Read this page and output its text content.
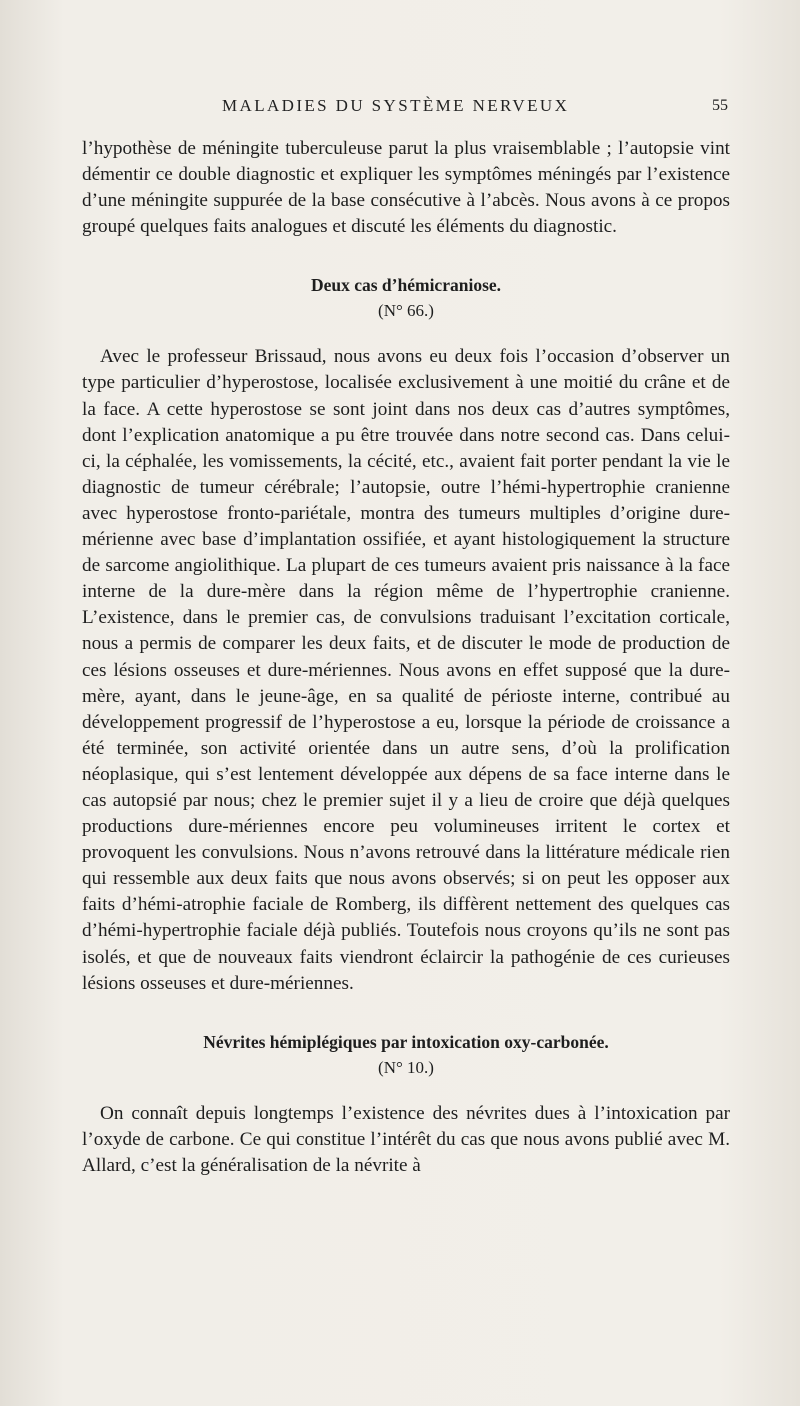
MALADIES DU SYSTÈME NERVEUX	55

l’hypothèse de méningite tuberculeuse parut la plus vraisemblable ; l’autopsie vint démentir ce double diagnostic et expliquer les symptômes méningés par l’existence d’une méningite suppurée de la base consécutive à l’abcès. Nous avons à ce propos groupé quelques faits analogues et discuté les éléments du diagnostic.

Deux cas d’hémicraniose.
(N° 66.)

Avec le professeur Brissaud, nous avons eu deux fois l’occasion d’observer un type particulier d’hyperostose, localisée exclusivement à une moitié du crâne et de la face. A cette hyperostose se sont joint dans nos deux cas d’autres symptômes, dont l’explication anatomique a pu être trouvée dans notre second cas. Dans celui-ci, la céphalée, les vomissements, la cécité, etc., avaient fait porter pendant la vie le diagnostic de tumeur cérébrale; l’autopsie, outre l’hémi-hypertrophie cranienne avec hyperostose fronto-pariétale, montra des tumeurs multiples d’origine dure-mérienne avec base d’implantation ossifiée, et ayant histologiquement la structure de sarcome angiolithique. La plupart de ces tumeurs avaient pris naissance à la face interne de la dure-mère dans la région même de l’hypertrophie cranienne. L’existence, dans le premier cas, de convulsions traduisant l’excitation corticale, nous a permis de comparer les deux faits, et de discuter le mode de production de ces lésions osseuses et dure-mériennes. Nous avons en effet supposé que la dure-mère, ayant, dans le jeune-âge, en sa qualité de périoste interne, contribué au développement progressif de l’hyperostose a eu, lorsque la période de croissance a été terminée, son activité orientée dans un autre sens, d’où la prolification néoplasique, qui s’est lentement développée aux dépens de sa face interne dans le cas autopsié par nous; chez le premier sujet il y a lieu de croire que déjà quelques productions dure-mériennes encore peu volumineuses irritent le cortex et provoquent les convulsions. Nous n’avons retrouvé dans la littérature médicale rien qui ressemble aux deux faits que nous avons observés; si on peut les opposer aux faits d’hémi-atrophie faciale de Romberg, ils diffèrent nettement des quelques cas d’hémi-hypertrophie faciale déjà publiés. Toutefois nous croyons qu’ils ne sont pas isolés, et que de nouveaux faits viendront éclaircir la pathogénie de ces curieuses lésions osseuses et dure-mériennes.

Névrites hémiplégiques par intoxication oxy-carbonée.
(N° 10.)

On connaît depuis longtemps l’existence des névrites dues à l’intoxication par l’oxyde de carbone. Ce qui constitue l’intérêt du cas que nous avons publié avec M. Allard, c’est la généralisation de la névrite à
